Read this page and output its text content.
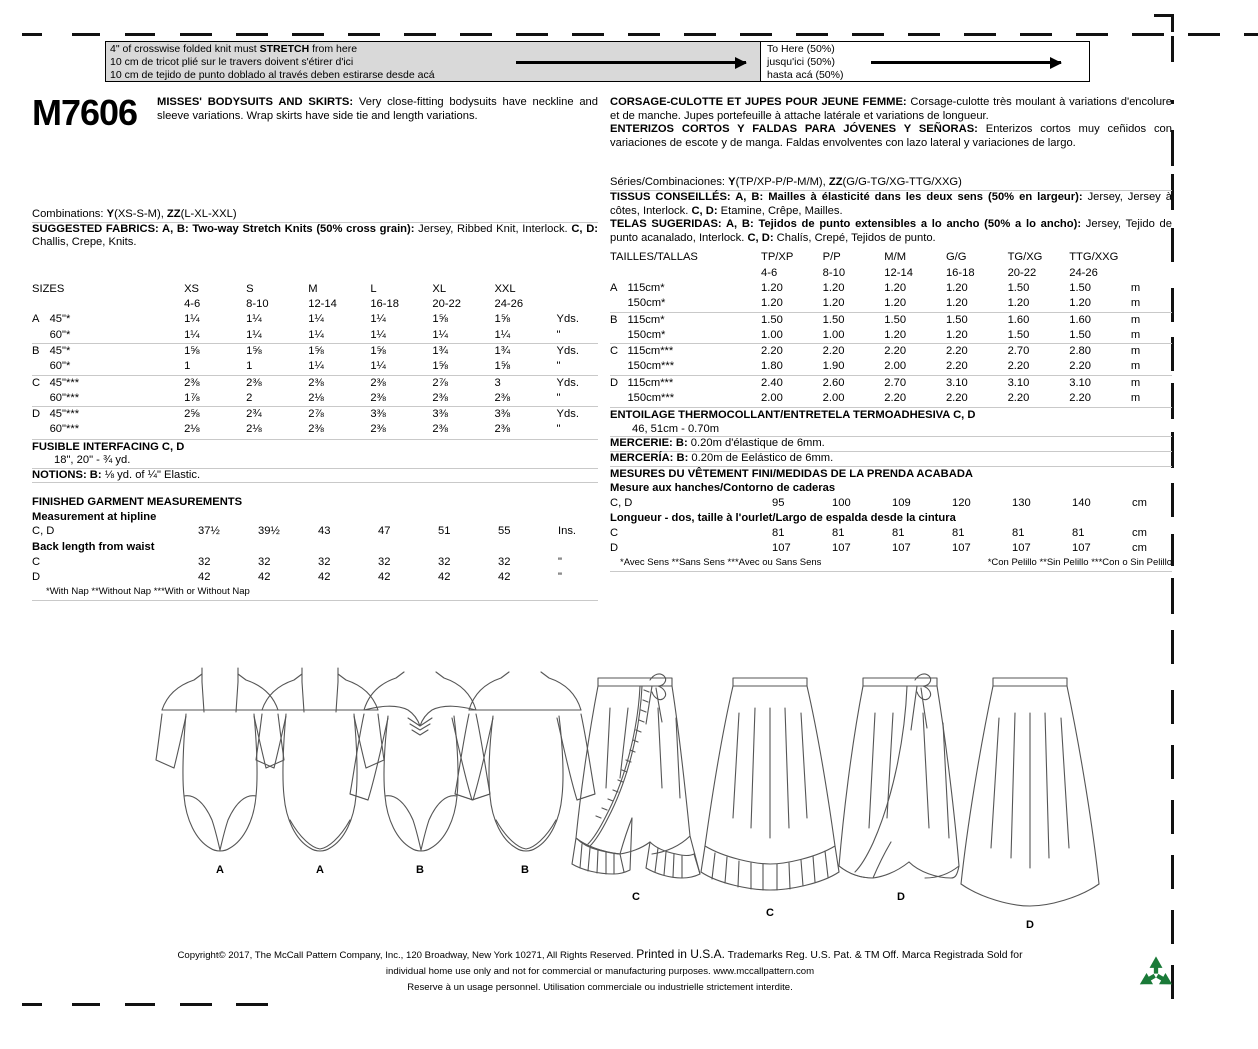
4" of crosswise folded knit must STRETCH from here
10 cm de tricot plié sur le travers doivent s'étirer d'ici
10 cm de tejido de punto doblado al través deben estirarse desde acá
To Here (50%)
jusqu'ici (50%)
hasta acá (50%)
M7606 MISSES' BODYSUITS AND SKIRTS: Very close-fitting bodysuits have neckline and sleeve variations. Wrap skirts have side tie and length variations.
Combinations: Y(XS-S-M), ZZ(L-XL-XXL)
SUGGESTED FABRICS: A, B: Two-way Stretch Knits (50% cross grain): Jersey, Ribbed Knit, Interlock. C, D: Challis, Crepe, Knits.
SIZES		XS	S	M	L	XL	XXL	
		4-6	8-10	12-14	16-18	20-22	24-26	
A	45"*	1¼	1¼	1¼	1¼	1⅝	1⅝	Yds.
	60"*	1¼	1¼	1¼	1¼	1¼	1¼	"
B	45"*	1⅝	1⅝	1⅝	1⅝	1¾	1¾	Yds.
	60"*	1	1	1¼	1¼	1⅝	1⅝	"
C	45"***	2⅜	2⅜	2⅜	2⅜	2⅞	3	Yds.
	60"***	1⅞	2	2⅛	2⅜	2⅜	2⅜	"
D	45"***	2⅝	2¾	2⅞	3⅜	3⅜	3⅜	Yds.
	60"***	2⅛	2⅛	2⅜	2⅜	2⅜	2⅜	"
FUSIBLE INTERFACING C, D
18", 20" - ¾ yd.
NOTIONS: B: ⅛ yd. of ¼" Elastic.
FINISHED GARMENT MEASUREMENTS
Measurement at hipline
C, D	37½	39½	43	47	51	55	Ins.
Back length from waist							
C	32	32	32	32	32	32	"
D	42	42	42	42	42	42	"
*With Nap **Without Nap ***With or Without Nap
CORSAGE-CULOTTE ET JUPES POUR JEUNE FEMME: Corsage-culotte très moulant à variations d'encolure et de manche. Jupes portefeuille à attache latérale et variations de longueur.
ENTERIZOS CORTOS Y FALDAS PARA JÓVENES Y SEÑORAS: Enterizos cortos muy ceñidos con variaciones de escote y de manga. Faldas envolventes con lazo lateral y variaciones de largo.
Séries/Combinaciones: Y(TP/XP-P/P-M/M), ZZ(G/G-TG/XG-TTG/XXG)
TISSUS CONSEILLÉS: A, B: Mailles à élasticité dans les deux sens (50% en largeur): Jersey, Jersey à côtes, Interlock. C, D: Etamine, Crêpe, Mailles.
TELAS SUGERIDAS: A, B: Tejidos de punto extensibles a lo ancho (50% a lo ancho): Jersey, Tejido de punto acanalado, Interlock. C, D: Chalís, Crepé, Tejidos de punto.
TAILLES/TALLAS		TP/XP	P/P	M/M	G/G	TG/XG	TTG/XXG	
		4-6	8-10	12-14	16-18	20-22	24-26	
A	115cm*	1.20	1.20	1.20	1.20	1.50	1.50	m
	150cm*	1.20	1.20	1.20	1.20	1.20	1.20	m
B	115cm*	1.50	1.50	1.50	1.50	1.60	1.60	m
	150cm*	1.00	1.00	1.20	1.20	1.50	1.50	m
C	115cm***	2.20	2.20	2.20	2.20	2.70	2.80	m
	150cm***	1.80	1.90	2.00	2.20	2.20	2.20	m
D	115cm***	2.40	2.60	2.70	3.10	3.10	3.10	m
	150cm***	2.00	2.00	2.20	2.20	2.20	2.20	m
ENTOILAGE THERMOCOLLANT/ENTRETELA TERMOADHESIVA C, D
46, 51cm - 0.70m
MERCERIE: B: 0.20m d'élastique de 6mm.
MERCERÍA: B: 0.20m de Eelástico de 6mm.
MESURES DU VÊTEMENT FINI/MEDIDAS DE LA PRENDA ACABADA
Mesure aux hanches/Contorno de caderas
C, D	95	100	109	120	130	140	cm
Longueur - dos, taille à l'ourlet/Largo de espalda desde la cintura							
C	81	81	81	81	81	81	cm
D	107	107	107	107	107	107	cm
*Avec Sens **Sans Sens ***Avec ou Sans Sens	*Con Pelillo **Sin Pelillo ***Con o Sin Pelillo
A	A	B	B
C
C
D
D
Copyright© 2017, The McCall Pattern Company, Inc., 120 Broadway, New York 10271, All Rights Reserved. Printed in U.S.A. Trademarks Reg. U.S. Pat. & TM Off. Marca Registrada Sold for
individual home use only and not for commercial or manufacturing purposes. www.mccallpattern.com
Reserve à un usage personnel. Utilisation commerciale ou industrielle strictement interdite.
